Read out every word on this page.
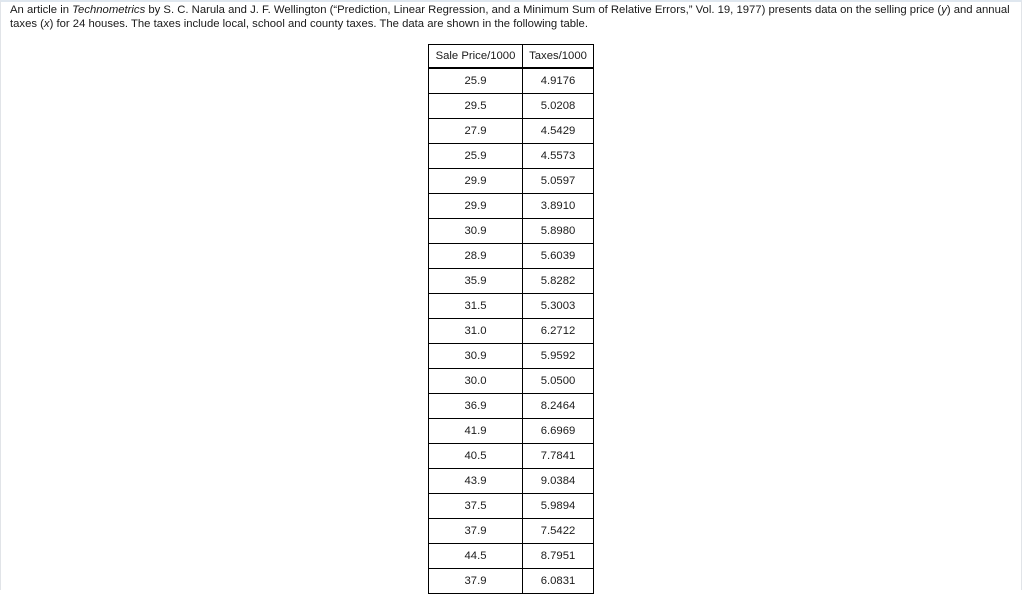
An article in Technometrics by S. C. Narula and J. F. Wellington (“Prediction, Linear Regression, and a Minimum Sum of Relative Errors,” Vol. 19, 1977) presents data on the selling price (y) and annual taxes (x) for 24 houses. The taxes include local, school and county taxes. The data are shown in the following table.

Sale Price/1000	Taxes/1000
25.9	4.9176
29.5	5.0208
27.9	4.5429
25.9	4.5573
29.9	5.0597
29.9	3.8910
30.9	5.8980
28.9	5.6039
35.9	5.8282
31.5	5.3003
31.0	6.2712
30.9	5.9592
30.0	5.0500
36.9	8.2464
41.9	6.6969
40.5	7.7841
43.9	9.0384
37.5	5.9894
37.9	7.5422
44.5	8.7951
37.9	6.0831
